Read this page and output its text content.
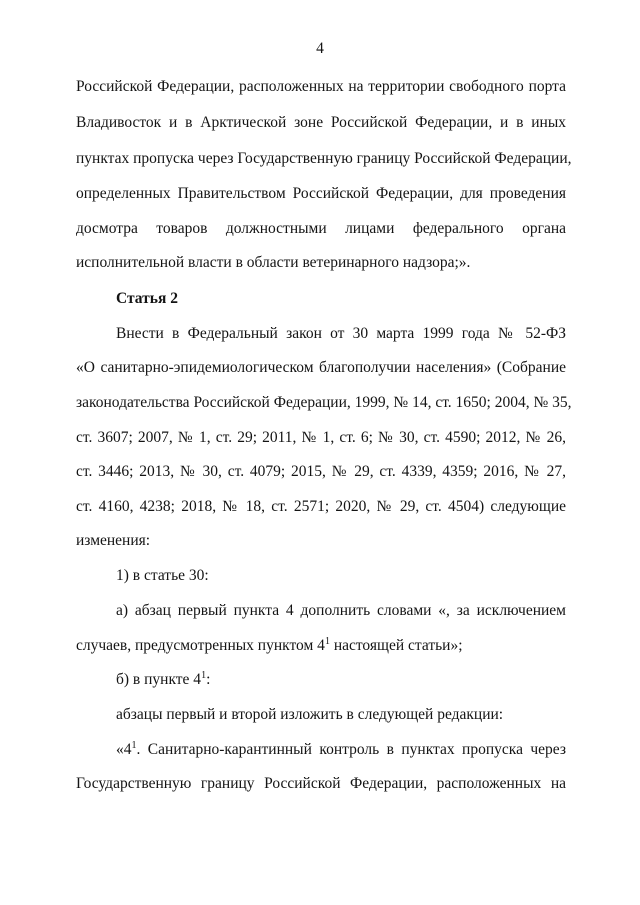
4
Российской Федерации, расположенных на территории свободного порта
Владивосток и в Арктической зоне Российской Федерации, и в иных
пунктах пропуска через Государственную границу Российской Федерации,
определенных Правительством Российской Федерации, для проведения
досмотра товаров должностными лицами федерального органа
исполнительной власти в области ветеринарного надзора;».
Статья 2
Внести в Федеральный закон от 30 марта 1999 года № 52-ФЗ
«О санитарно-эпидемиологическом благополучии населения» (Собрание
законодательства Российской Федерации, 1999, № 14, ст. 1650; 2004, № 35,
ст. 3607; 2007, № 1, ст. 29; 2011, № 1, ст. 6; № 30, ст. 4590; 2012, № 26,
ст. 3446; 2013, № 30, ст. 4079; 2015, № 29, ст. 4339, 4359; 2016, № 27,
ст. 4160, 4238; 2018, № 18, ст. 2571; 2020, № 29, ст. 4504) следующие
изменения:
1) в статье 30:
а) абзац первый пункта 4 дополнить словами «, за исключением
случаев, предусмотренных пунктом $4^1$ настоящей статьи»;
б) в пункте $4^1$:
абзацы первый и второй изложить в следующей редакции:
«$4^1$. Санитарно-карантинный контроль в пунктах пропуска через
Государственную границу Российской Федерации, расположенных на
